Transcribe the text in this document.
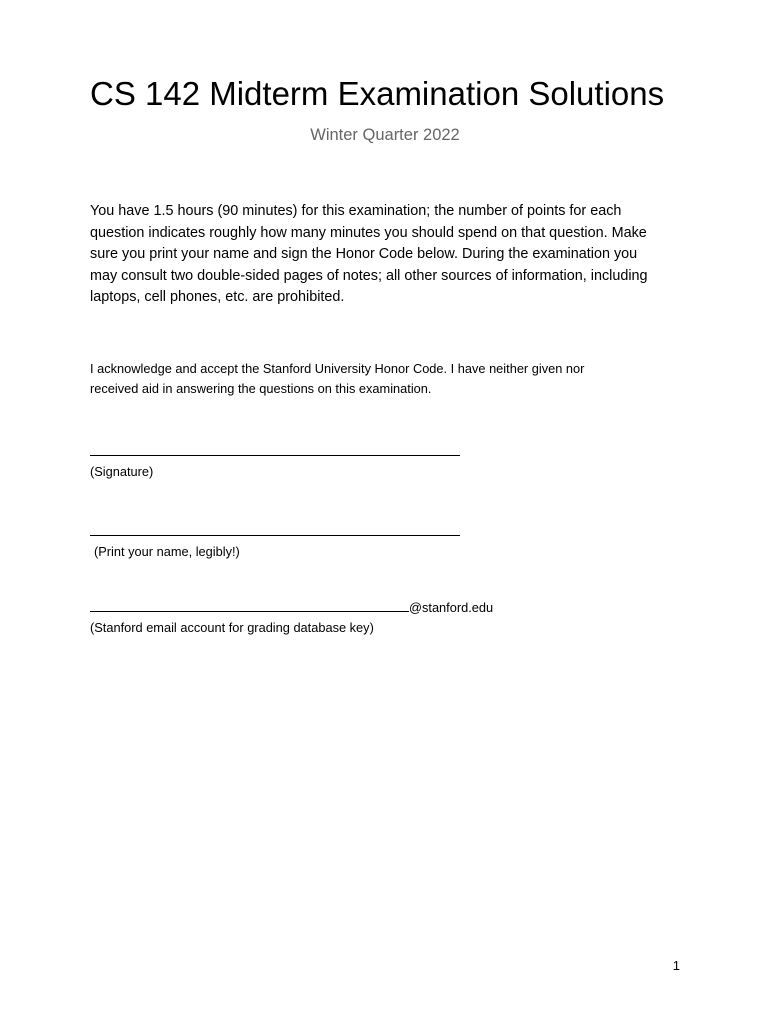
CS 142 Midterm Examination Solutions
Winter Quarter 2022
You have 1.5 hours (90 minutes) for this examination; the number of points for each
question indicates roughly how many minutes you should spend on that question. Make
sure you print your name and sign the Honor Code below. During the examination you
may consult two double-sided pages of notes; all other sources of information, including
laptops, cell phones, etc. are prohibited.
I acknowledge and accept the Stanford University Honor Code. I have neither given nor
received aid in answering the questions on this examination.
(Signature)
(Print your name, legibly!)
@stanford.edu
(Stanford email account for grading database key)
1
